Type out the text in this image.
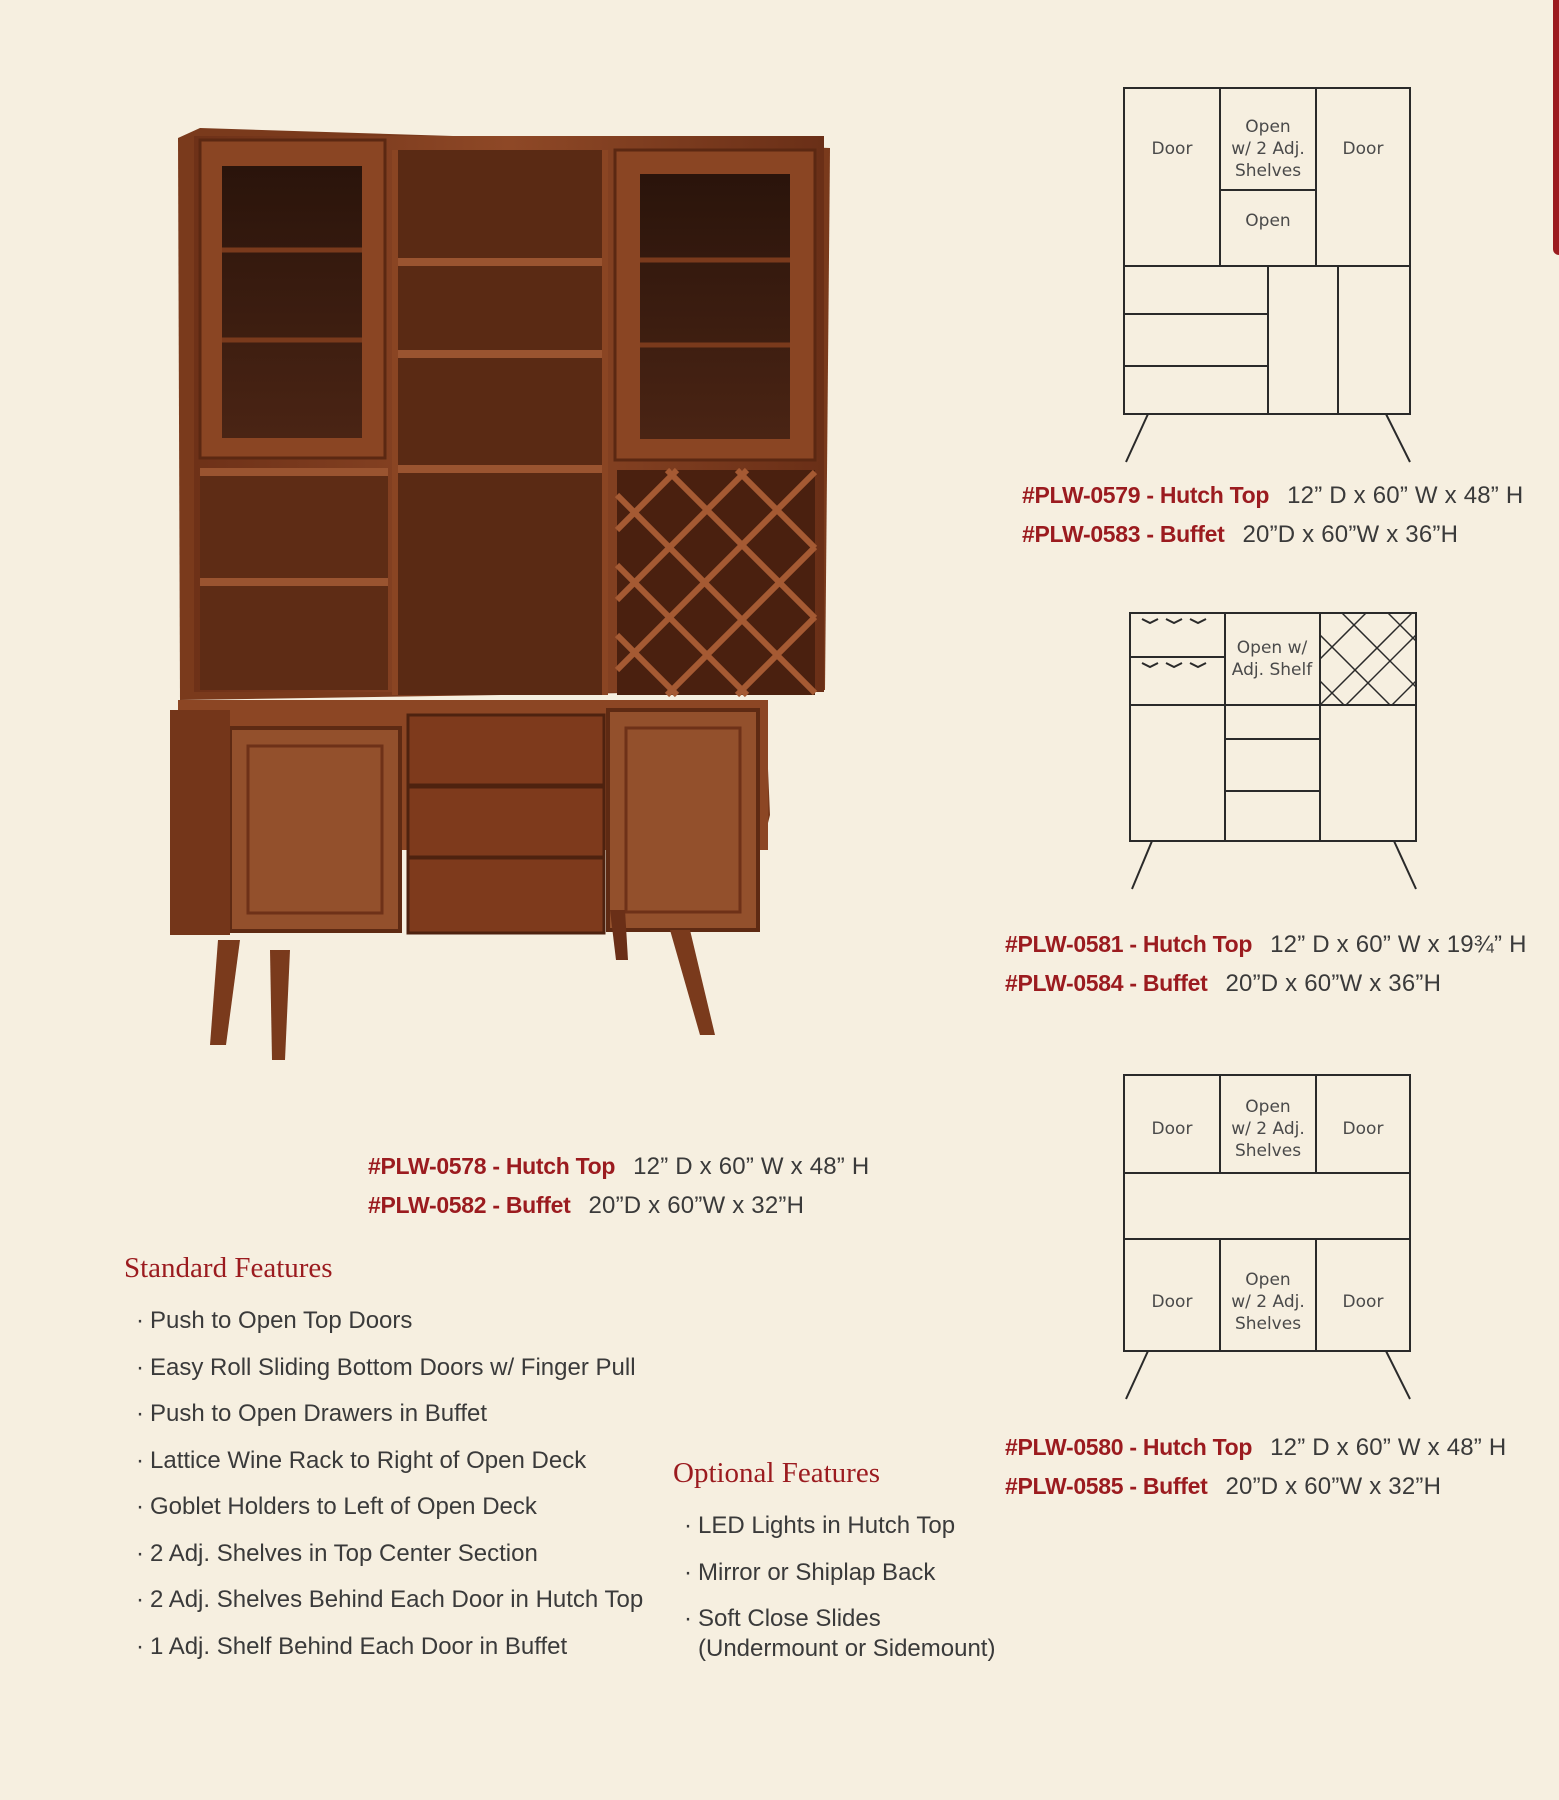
Door
Open
w/ 2 Adj.
Shelves
Door
Open
Open w/
Adj. Shelf
Door
Open
w/ 2 Adj.
Shelves
Door
Door
Open
w/ 2 Adj.
Shelves
Door
#PLW-0579 - Hutch Top 12” D x 60” W x 48” H
#PLW-0583 - Buffet 20”D x 60”W x 36”H
#PLW-0581 - Hutch Top 12” D x 60” W x 19¾” H
#PLW-0584 - Buffet 20”D x 60”W x 36”H
#PLW-0580 - Hutch Top 12” D x 60” W x 48” H
#PLW-0585 - Buffet 20”D x 60”W x 32”H
#PLW-0578 - Hutch Top 12” D x 60” W x 48” H
#PLW-0582 - Buffet 20”D x 60”W x 32”H
Standard Features
· Push to Open Top Doors
· Easy Roll Sliding Bottom Doors w/ Finger Pull
· Push to Open Drawers in Buffet
· Lattice Wine Rack to Right of Open Deck
· Goblet Holders to Left of Open Deck
· 2 Adj. Shelves in Top Center Section
· 2 Adj. Shelves Behind Each Door in Hutch Top
· 1 Adj. Shelf Behind Each Door in Buffet
Optional Features
· LED Lights in Hutch Top
· Mirror or Shiplap Back
· Soft Close Slides
(Undermount or Sidemount)
